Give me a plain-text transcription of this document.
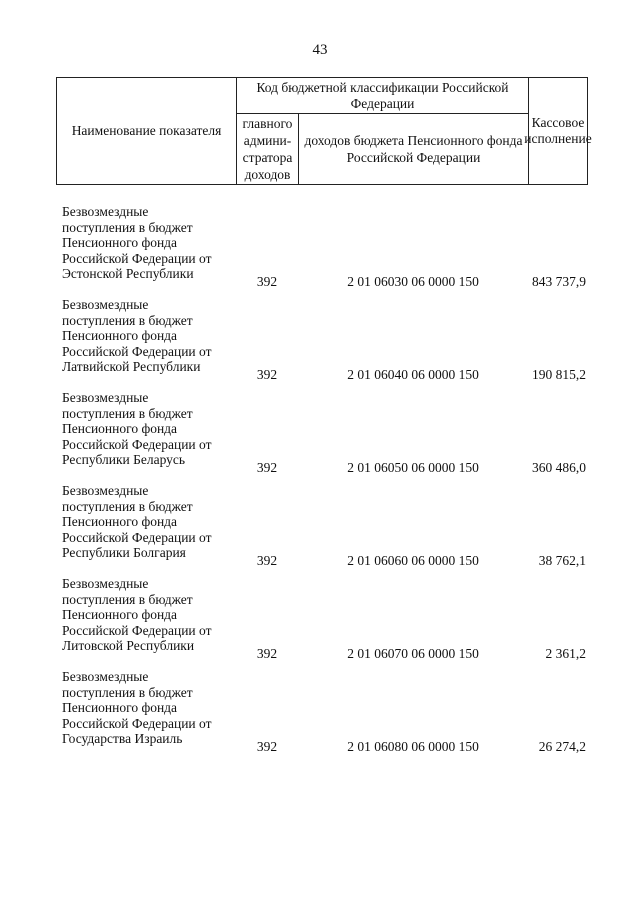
43
Наименование показателя
Код бюджетной классификации Российской Федерации
главного админи-стратора доходов
доходов бюджета Пенсионного фонда Российской Федерации
Кассовое исполнение
Безвозмездные
поступления в бюджет
Пенсионного фонда
Российской Федерации от
Эстонской Республики
392	2 01 06030 06 0000 150	843 737,9
Безвозмездные
поступления в бюджет
Пенсионного фонда
Российской Федерации от
Латвийской Республики
392	2 01 06040 06 0000 150	190 815,2
Безвозмездные
поступления в бюджет
Пенсионного фонда
Российской Федерации от
Республики Беларусь
392	2 01 06050 06 0000 150	360 486,0
Безвозмездные
поступления в бюджет
Пенсионного фонда
Российской Федерации от
Республики Болгария
392	2 01 06060 06 0000 150	38 762,1
Безвозмездные
поступления в бюджет
Пенсионного фонда
Российской Федерации от
Литовской Республики
392	2 01 06070 06 0000 150	2 361,2
Безвозмездные
поступления в бюджет
Пенсионного фонда
Российской Федерации от
Государства Израиль
392	2 01 06080 06 0000 150	26 274,2
